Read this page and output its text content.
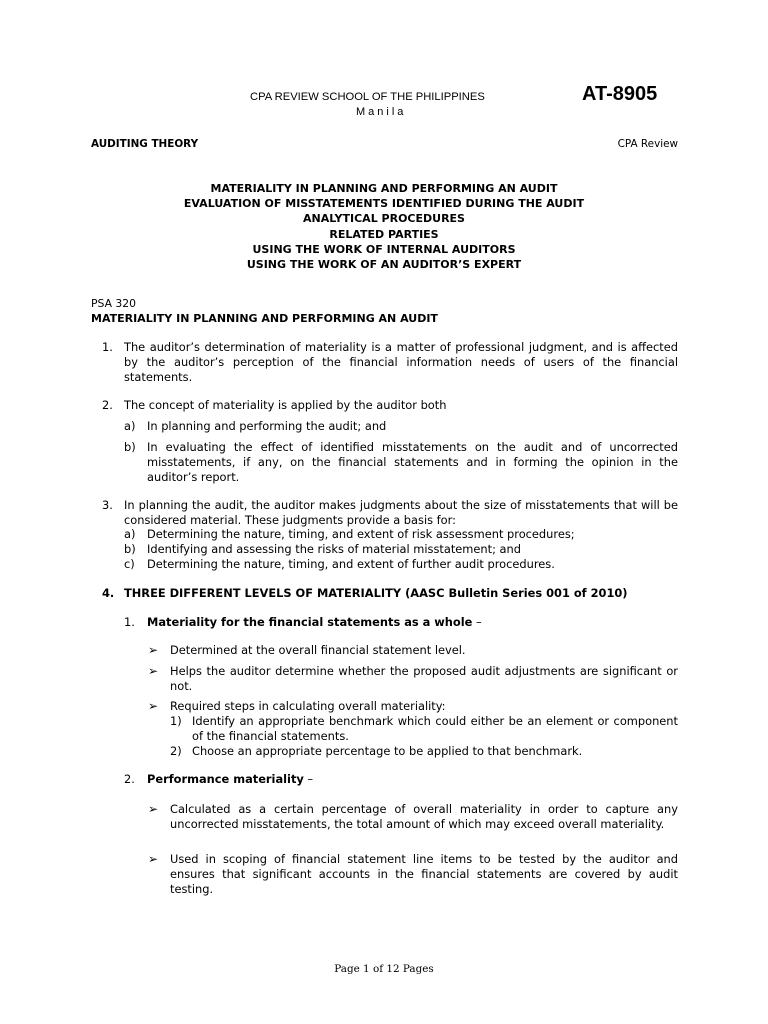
CPA REVIEW SCHOOL OF THE PHILIPPINES
Manila
AT-8905
AUDITING THEORY	CPA Review
MATERIALITY IN PLANNING AND PERFORMING AN AUDIT
EVALUATION OF MISSTATEMENTS IDENTIFIED DURING THE AUDIT
ANALYTICAL PROCEDURES
RELATED PARTIES
USING THE WORK OF INTERNAL AUDITORS
USING THE WORK OF AN AUDITOR’S EXPERT
PSA 320
MATERIALITY IN PLANNING AND PERFORMING AN AUDIT
1. The auditor’s determination of materiality is a matter of professional judgment, and is affected by the auditor’s perception of the financial information needs of users of the financial statements.
2. The concept of materiality is applied by the auditor both
a) In planning and performing the audit; and
b) In evaluating the effect of identified misstatements on the audit and of uncorrected misstatements, if any, on the financial statements and in forming the opinion in the auditor’s report.
3. In planning the audit, the auditor makes judgments about the size of misstatements that will be considered material. These judgments provide a basis for:
a) Determining the nature, timing, and extent of risk assessment procedures;
b) Identifying and assessing the risks of material misstatement; and
c) Determining the nature, timing, and extent of further audit procedures.
4. THREE DIFFERENT LEVELS OF MATERIALITY (AASC Bulletin Series 001 of 2010)
1. Materiality for the financial statements as a whole –
➢ Determined at the overall financial statement level.
➢ Helps the auditor determine whether the proposed audit adjustments are significant or not.
➢ Required steps in calculating overall materiality:
1) Identify an appropriate benchmark which could either be an element or component of the financial statements.
2) Choose an appropriate percentage to be applied to that benchmark.
2. Performance materiality –
➢ Calculated as a certain percentage of overall materiality in order to capture any uncorrected misstatements, the total amount of which may exceed overall materiality.
➢ Used in scoping of financial statement line items to be tested by the auditor and ensures that significant accounts in the financial statements are covered by audit testing.
Page 1 of 12 Pages
